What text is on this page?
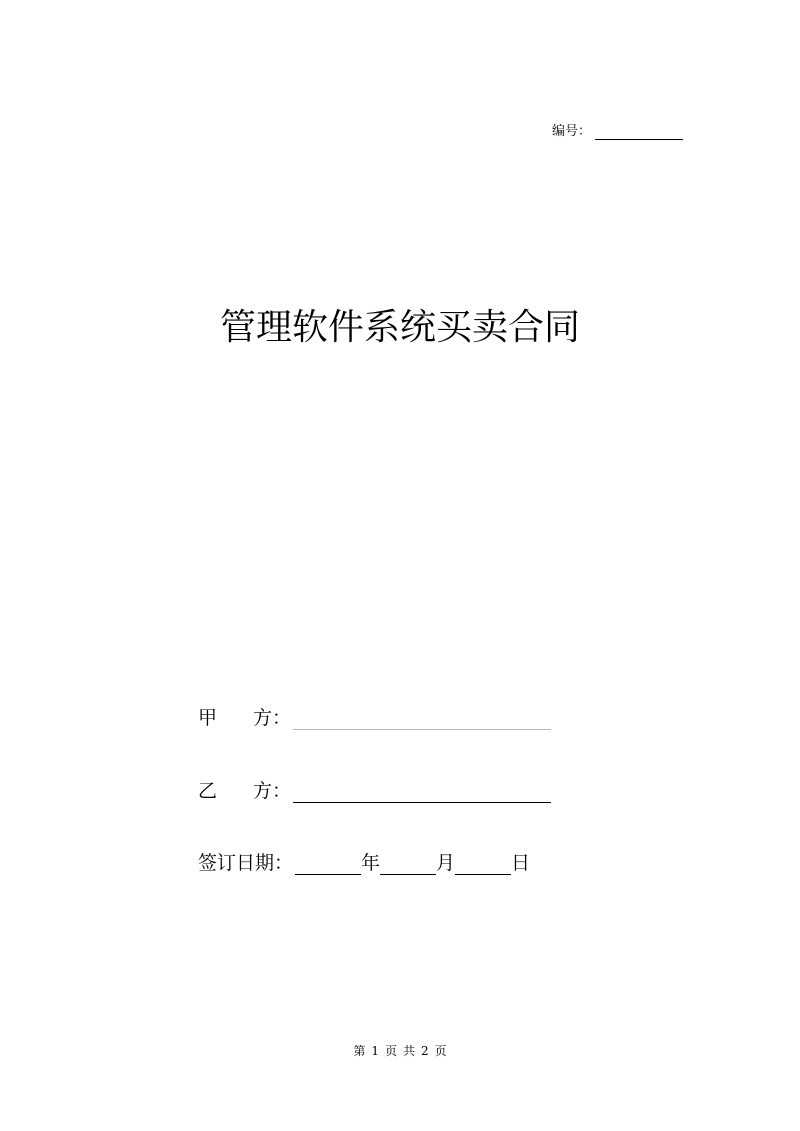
编号：
管理软件系统买卖合同
甲 方 ：
乙 方 ：
签订日期：	年	月	日
第 1 页 共 2 页
